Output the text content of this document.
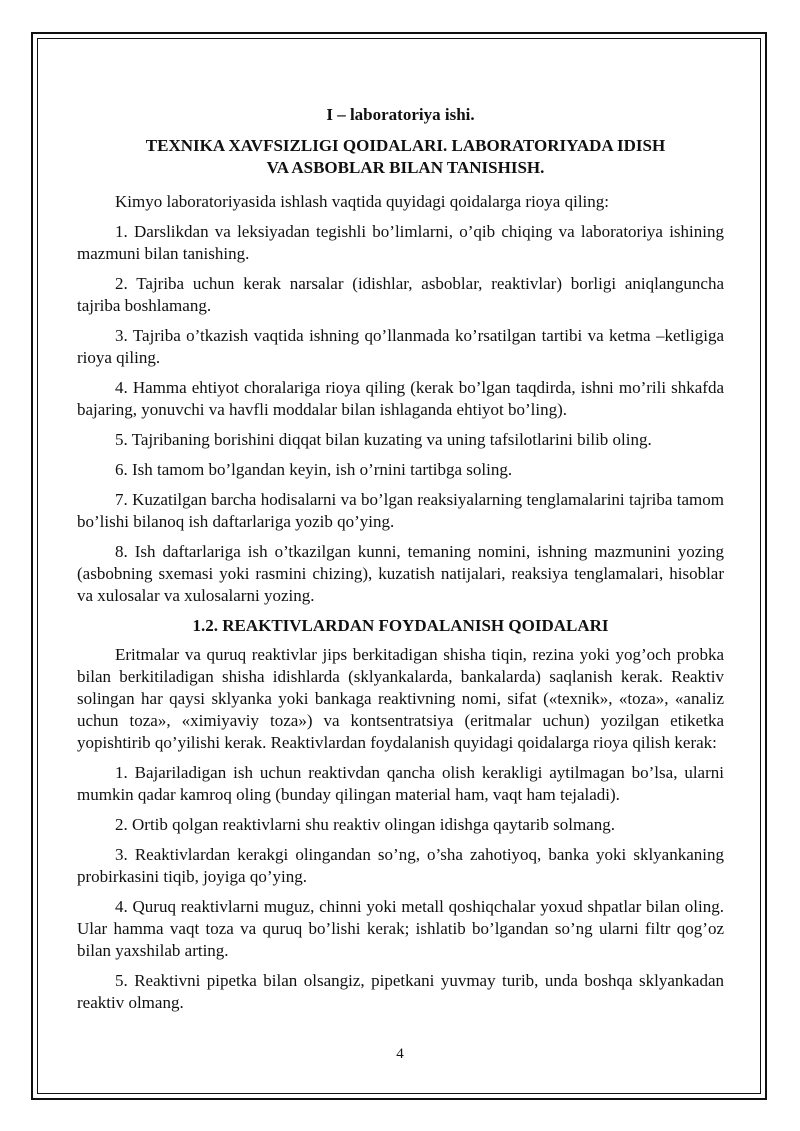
I – laboratoriya ishi.
TEXNIKA XAVFSIZLIGI QOIDALARI. LABORATORIYADA IDISH
VA ASBOBLAR BILAN TANISHISH.

Kimyo laboratoriyasida ishlash vaqtida quyidagi qoidalarga rioya qiling:

1. Darslikdan va leksiyadan tegishli bo’limlarni, o’qib chiqing va laboratoriya ishining mazmuni bilan tanishing.

2. Tajriba uchun kerak narsalar (idishlar, asboblar, reaktivlar) borligi aniqlanguncha tajriba boshlamang.

3. Tajriba o’tkazish vaqtida ishning qo’llanmada ko’rsatilgan tartibi va ketma –ketligiga rioya qiling.

4. Hamma ehtiyot choralariga rioya qiling (kerak bo’lgan taqdirda, ishni mo’rili shkafda bajaring, yonuvchi va havfli moddalar bilan ishlaganda ehtiyot bo’ling).

5. Tajribaning borishini diqqat bilan kuzating va uning tafsilotlarini bilib oling.

6. Ish tamom bo’lgandan keyin, ish o’rnini tartibga soling.

7. Kuzatilgan barcha hodisalarni va bo’lgan reaksiyalarning tenglamalarini tajriba tamom bo’lishi bilanoq ish daftarlariga yozib qo’ying.

8. Ish daftarlariga ish o’tkazilgan kunni, temaning nomini, ishning mazmunini yozing (asbobning sxemasi yoki rasmini chizing), kuzatish natijalari, reaksiya tenglamalari, hisoblar va xulosalar va xulosalarni yozing.

1.2. REAKTIVLARDAN FOYDALANISH QOIDALARI

Eritmalar va quruq reaktivlar jips berkitadigan shisha tiqin, rezina yoki yog’och probka bilan berkitiladigan shisha idishlarda (sklyankalarda, bankalarda) saqlanish kerak. Reaktiv solingan har qaysi sklyanka yoki bankaga reaktivning nomi, sifat («texnik», «toza», «analiz uchun toza», «ximiyaviy toza») va kontsentratsiya (eritmalar uchun) yozilgan etiketka yopishtirib qo’yilishi kerak. Reaktivlardan foydalanish quyidagi qoidalarga rioya qilish kerak:

1. Bajariladigan ish uchun reaktivdan qancha olish kerakligi aytilmagan bo’lsa, ularni mumkin qadar kamroq oling (bunday qilingan material ham, vaqt ham tejaladi).

2. Ortib qolgan reaktivlarni shu reaktiv olingan idishga qaytarib solmang.

3. Reaktivlardan kerakgi olingandan so’ng, o’sha zahotiyoq, banka yoki sklyankaning probirkasini tiqib, joyiga qo’ying.

4. Quruq reaktivlarni muguz, chinni yoki metall qoshiqchalar yoxud shpatlar bilan oling. Ular hamma vaqt toza va quruq bo’lishi kerak; ishlatib bo’lgandan so’ng ularni filtr qog’oz bilan yaxshilab arting.

5. Reaktivni pipetka bilan olsangiz, pipetkani yuvmay turib, unda boshqa sklyankadan reaktiv olmang.

4
